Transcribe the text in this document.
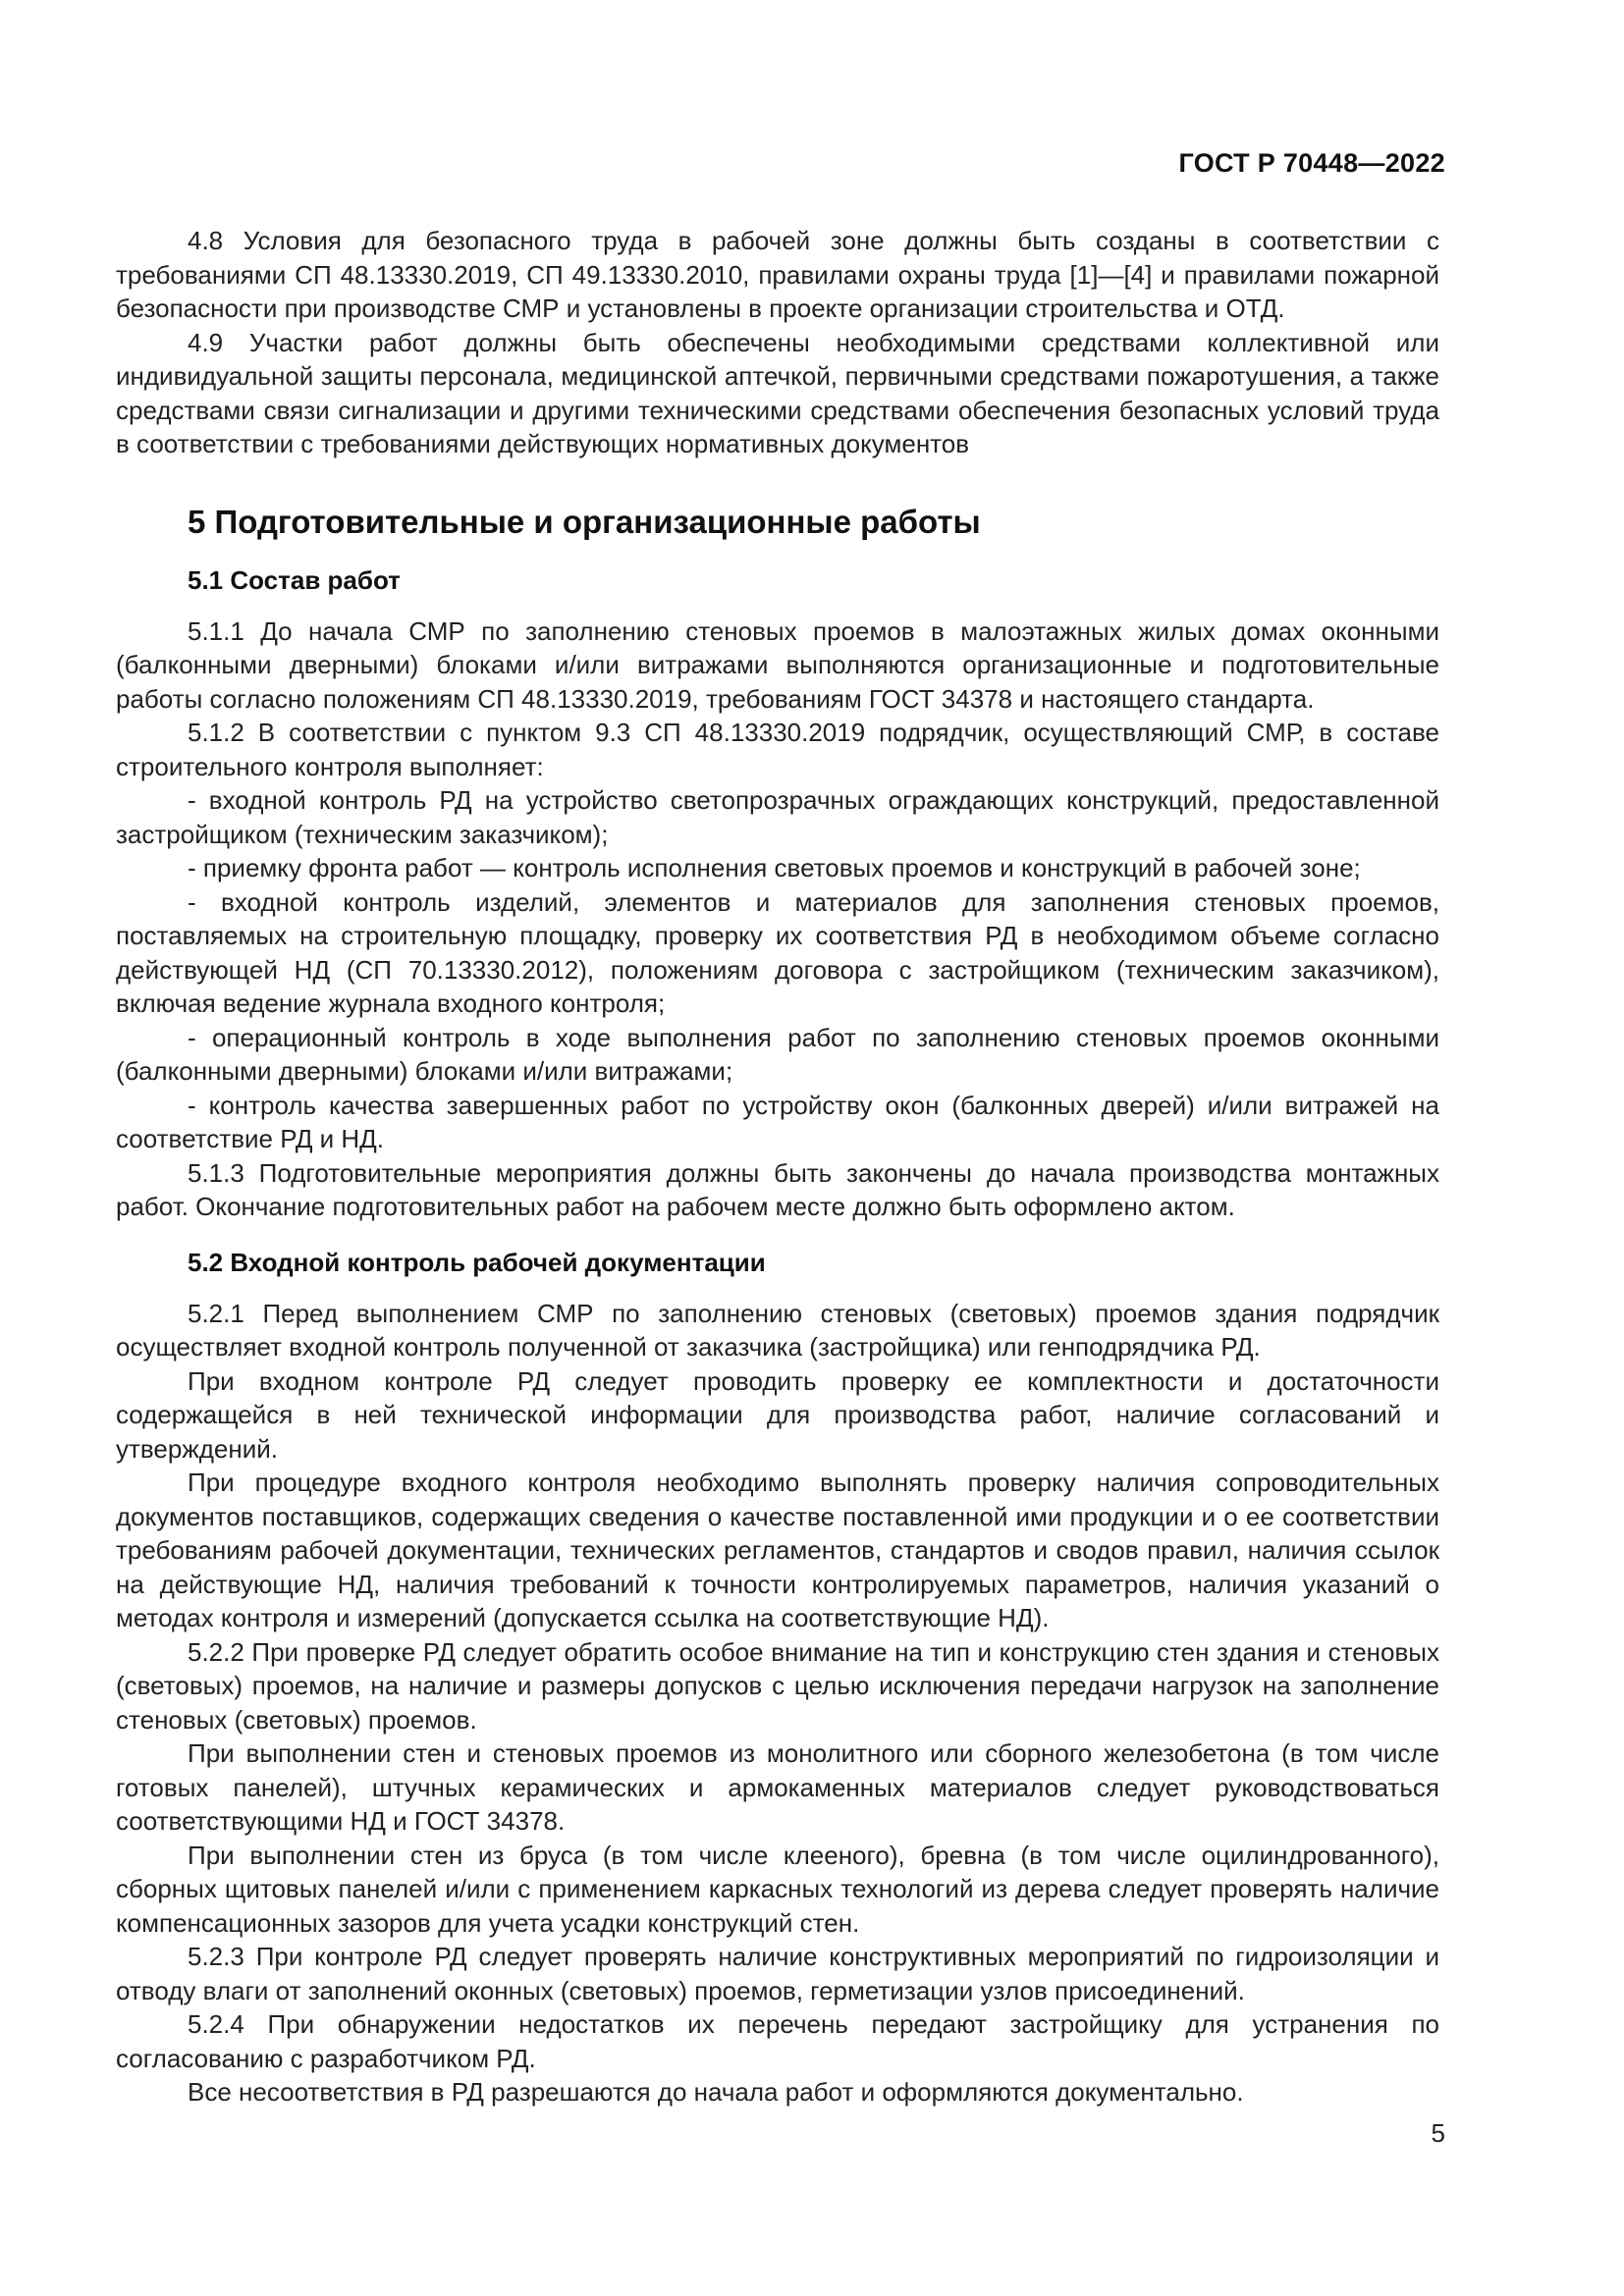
ГОСТ Р 70448—2022

4.8 Условия для безопасного труда в рабочей зоне должны быть созданы в соответствии с требованиями СП 48.13330.2019, СП 49.13330.2010, правилами охраны труда [1]—[4] и правилами пожарной безопасности при производстве СМР и установлены в проекте организации строительства и ОТД.

4.9 Участки работ должны быть обеспечены необходимыми средствами коллективной или индивидуальной защиты персонала, медицинской аптечкой, первичными средствами пожаротушения, а также средствами связи сигнализации и другими техническими средствами обеспечения безопасных условий труда в соответствии с требованиями действующих нормативных документов

5 Подготовительные и организационные работы
5.1 Состав работ

5.1.1 До начала СМР по заполнению стеновых проемов в малоэтажных жилых домах оконными (балконными дверными) блоками и/или витражами выполняются организационные и подготовительные работы согласно положениям СП 48.13330.2019, требованиям ГОСТ 34378 и настоящего стандарта.

5.1.2 В соответствии с пунктом 9.3 СП 48.13330.2019 подрядчик, осуществляющий СМР, в составе строительного контроля выполняет:

- входной контроль РД на устройство светопрозрачных ограждающих конструкций, предоставленной застройщиком (техническим заказчиком);

- приемку фронта работ — контроль исполнения световых проемов и конструкций в рабочей зоне;

- входной контроль изделий, элементов и материалов для заполнения стеновых проемов, поставляемых на строительную площадку, проверку их соответствия РД в необходимом объеме согласно действующей НД (СП 70.13330.2012), положениям договора с застройщиком (техническим заказчиком), включая ведение журнала входного контроля;

- операционный контроль в ходе выполнения работ по заполнению стеновых проемов оконными (балконными дверными) блоками и/или витражами;

- контроль качества завершенных работ по устройству окон (балконных дверей) и/или витражей на соответствие РД и НД.

5.1.3 Подготовительные мероприятия должны быть закончены до начала производства монтажных работ. Окончание подготовительных работ на рабочем месте должно быть оформлено актом.

5.2 Входной контроль рабочей документации

5.2.1 Перед выполнением СМР по заполнению стеновых (световых) проемов здания подрядчик осуществляет входной контроль полученной от заказчика (застройщика) или генподрядчика РД.

При входном контроле РД следует проводить проверку ее комплектности и достаточности содержащейся в ней технической информации для производства работ, наличие согласований и утверждений.

При процедуре входного контроля необходимо выполнять проверку наличия сопроводительных документов поставщиков, содержащих сведения о качестве поставленной ими продукции и о ее соответствии требованиям рабочей документации, технических регламентов, стандартов и сводов правил, наличия ссылок на действующие НД, наличия требований к точности контролируемых параметров, наличия указаний о методах контроля и измерений (допускается ссылка на соответствующие НД).

5.2.2 При проверке РД следует обратить особое внимание на тип и конструкцию стен здания и стеновых (световых) проемов, на наличие и размеры допусков с целью исключения передачи нагрузок на заполнение стеновых (световых) проемов.

При выполнении стен и стеновых проемов из монолитного или сборного железобетона (в том числе готовых панелей), штучных керамических и армокаменных материалов следует руководствоваться соответствующими НД и ГОСТ 34378.

При выполнении стен из бруса (в том числе клееного), бревна (в том числе оцилиндрованного), сборных щитовых панелей и/или с применением каркасных технологий из дерева следует проверять наличие компенсационных зазоров для учета усадки конструкций стен.

5.2.3 При контроле РД следует проверять наличие конструктивных мероприятий по гидроизоляции и отводу влаги от заполнений оконных (световых) проемов, герметизации узлов присоединений.

5.2.4 При обнаружении недостатков их перечень передают застройщику для устранения по согласованию с разработчиком РД.

Все несоответствия в РД разрешаются до начала работ и оформляются документально.

5
